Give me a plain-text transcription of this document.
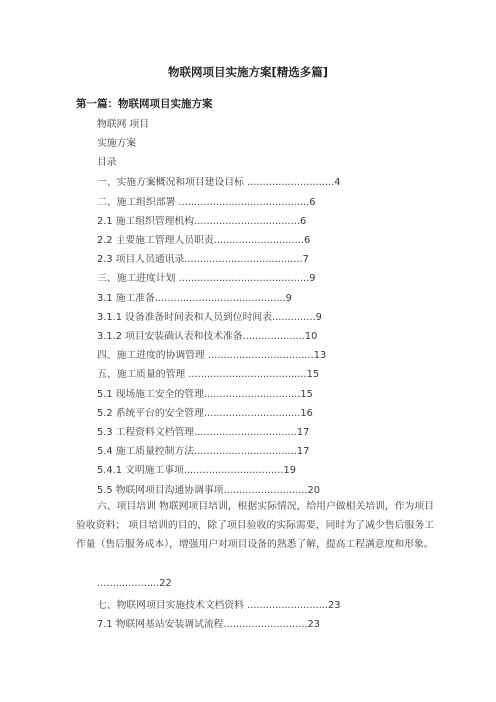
物联网项目实施方案[精选多篇]
第一篇：物联网项目实施方案
物联网 项目
实施方案
目录
一、实施方案概况和项目建设目标 ............................4
二、施工组织部署 ..........................................6
2.1 施工组织管理机构..................................6
2.2 主要施工管理人员职责.............................6
2.3 项目人员通讯录......................................7
三、施工进度计划 ..........................................9
3.1 施工准备..........................................9
3.1.1 设备准备时间表和人员到位时间表..............9
3.1.2 项目安装确认表和技术准备....................10
四、施工进度的协调管理 ..................................13
五、施工质量的管理 ......................................15
5.1 现场施工安全的管理...............................15
5.2 系统平台的安全管理...............................16
5.3 工程资料文档管理.................................17
5.4 施工质量控制方法.................................17
5.4.1 文明施工事项................................19
5.5 物联网项目沟通协调事项...........................20
六、项目培训 物联网项目培训，根据实际情况，给用户做相关培训，作为项目验收资料； 项目培训的目的，除了项目验收的实际需要，同时为了减少售后服务工作量（售后服务成本），增强用户对项目设备的熟悉了解，提高工程满意度和形象。
....................22
七、物联网项目实施技术文档资料 ..........................23
7.1 物联网基站安装调试流程...........................23
